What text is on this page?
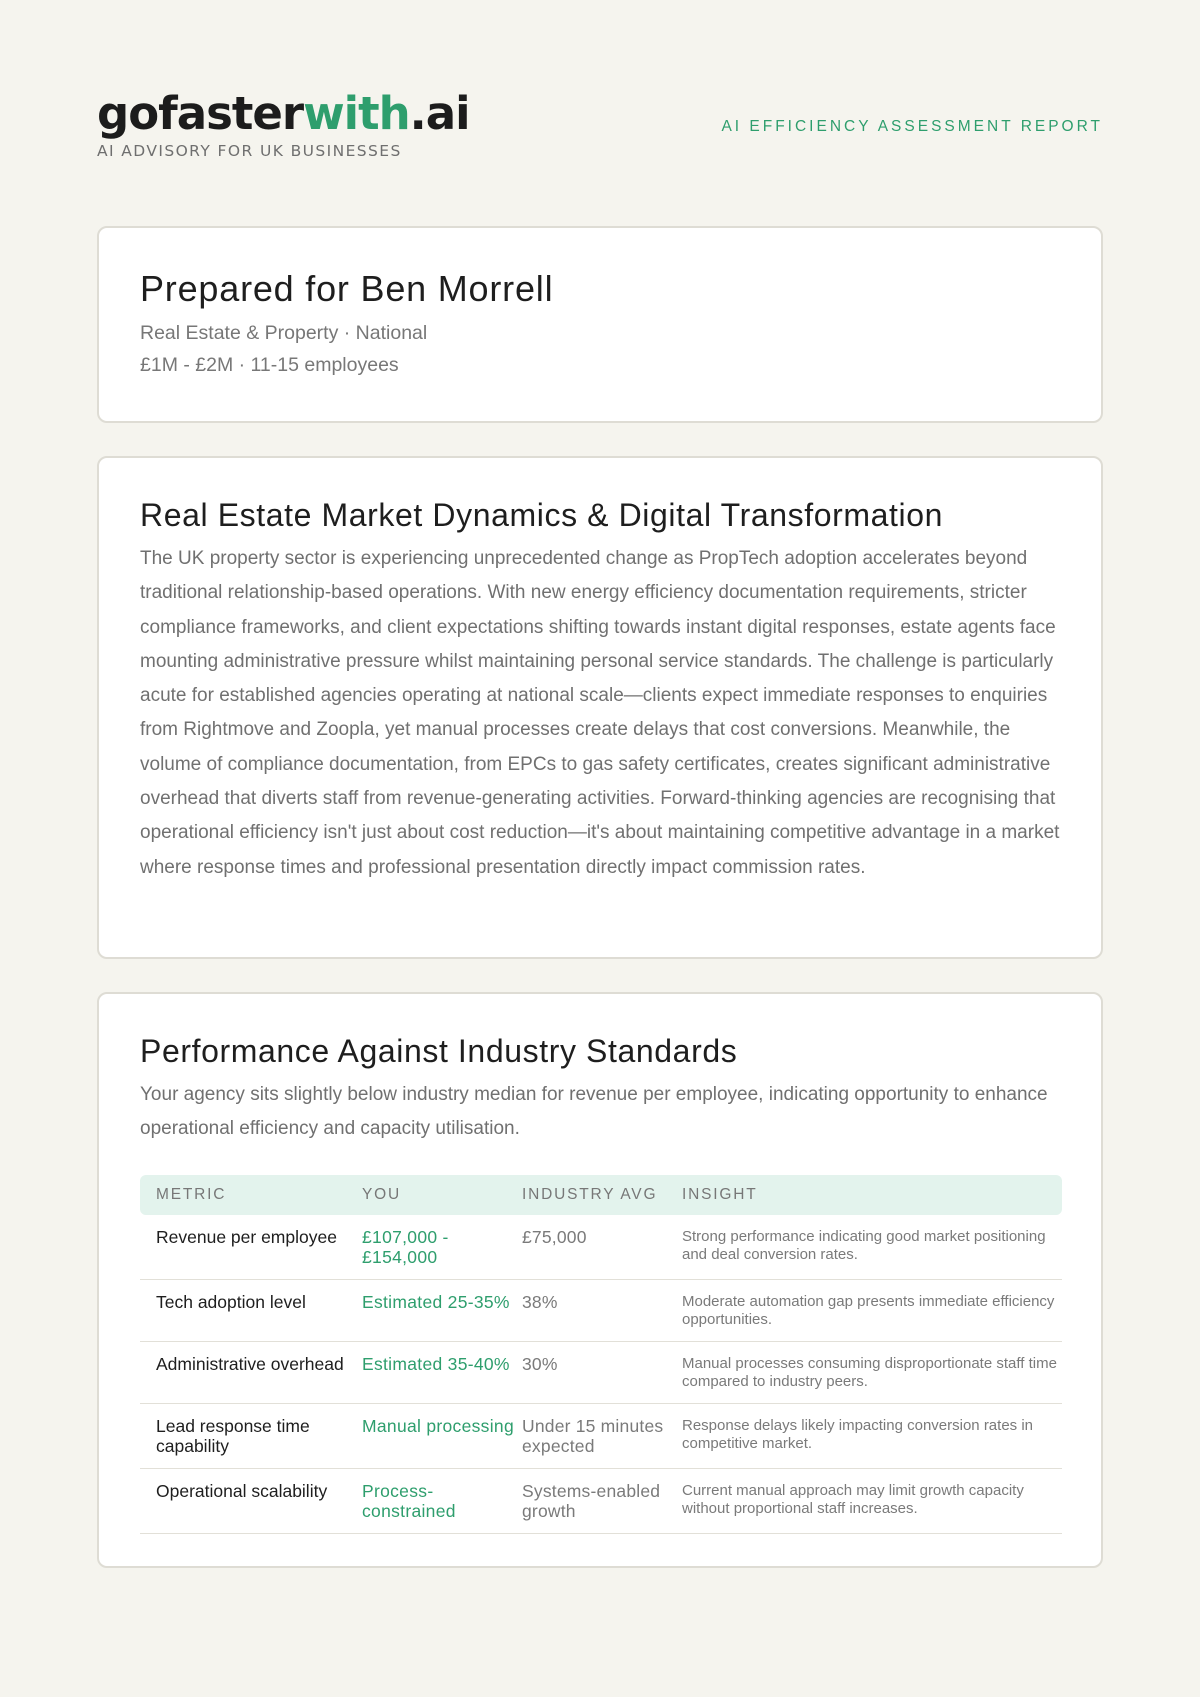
gofasterwith.ai
AI ADVISORY FOR UK BUSINESSES
AI EFFICIENCY ASSESSMENT REPORT
Prepared for Ben Morrell
Real Estate & Property · National
£1M - £2M · 11-15 employees
Real Estate Market Dynamics & Digital Transformation

The UK property sector is experiencing unprecedented change as PropTech adoption accelerates beyond traditional relationship-based operations. With new energy efficiency documentation requirements, stricter compliance frameworks, and client expectations shifting towards instant digital responses, estate agents face mounting administrative pressure whilst maintaining personal service standards. The challenge is particularly acute for established agencies operating at national scale—clients expect immediate responses to enquiries from Rightmove and Zoopla, yet manual processes create delays that cost conversions. Meanwhile, the volume of compliance documentation, from EPCs to gas safety certificates, creates significant administrative overhead that diverts staff from revenue-generating activities. Forward-thinking agencies are recognising that operational efficiency isn't just about cost reduction—it's about maintaining competitive advantage in a market where response times and professional presentation directly impact commission rates.

Performance Against Industry Standards

Your agency sits slightly below industry median for revenue per employee, indicating opportunity to enhance operational efficiency and capacity utilisation.

METRIC	YOU	INDUSTRY AVG	INSIGHT
Revenue per employee	£107,000 - £154,000	£75,000	Strong performance indicating good market positioning and deal conversion rates.
Tech adoption level	Estimated 25-35%	38%	Moderate automation gap presents immediate efficiency opportunities.
Administrative overhead	Estimated 35-40%	30%	Manual processes consuming disproportionate staff time compared to industry peers.
Lead response time capability	Manual processing	Under 15 minutes expected	Response delays likely impacting conversion rates in competitive market.
Operational scalability	Process-constrained	Systems-enabled growth	Current manual approach may limit growth capacity without proportional staff increases.
